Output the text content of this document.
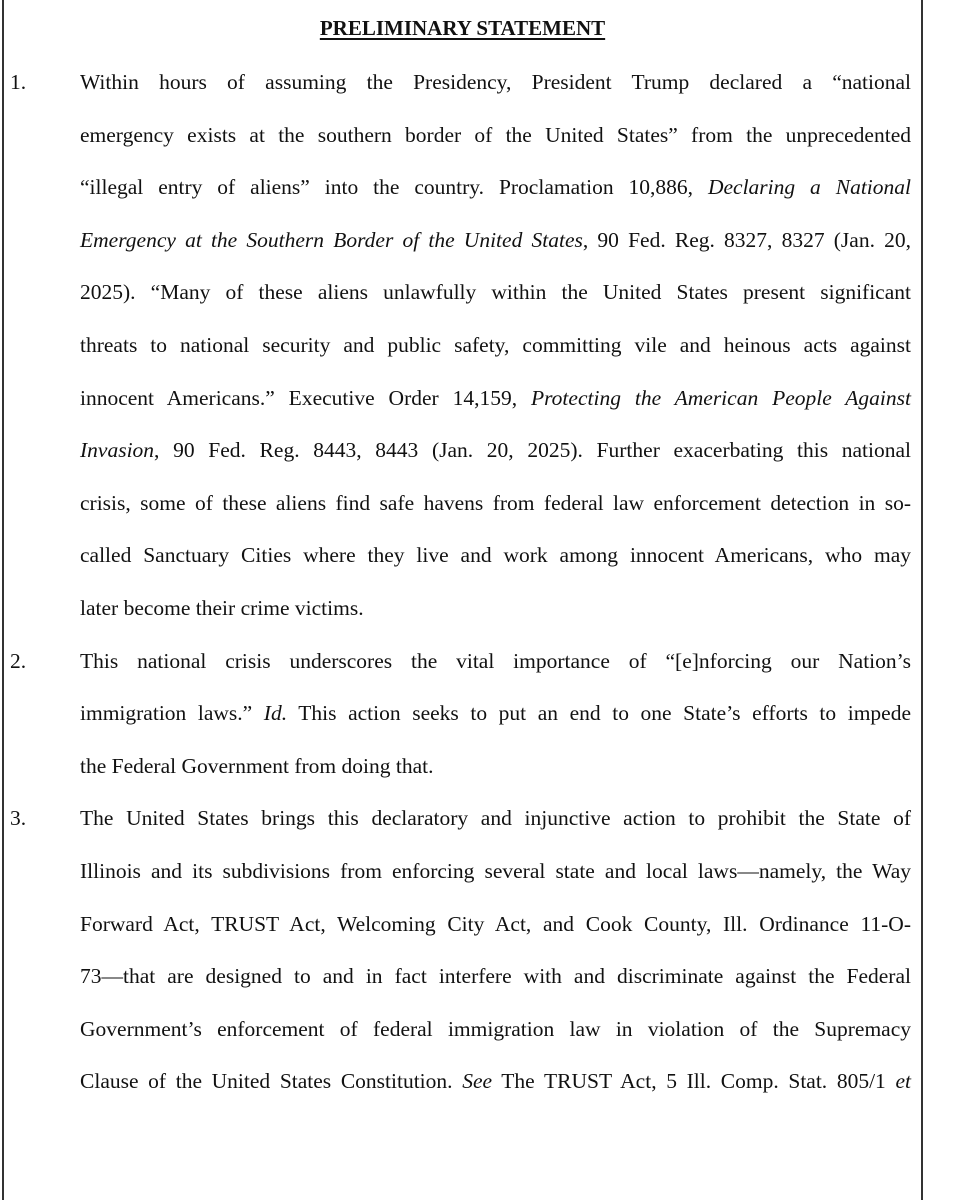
PRELIMINARY STATEMENT
1.	Within hours of assuming the Presidency, President Trump declared a “national
emergency exists at the southern border of the United States” from the unprecedented
“illegal entry of aliens” into the country. Proclamation 10,886, Declaring a National
Emergency at the Southern Border of the United States, 90 Fed. Reg. 8327, 8327 (Jan. 20,
2025). “Many of these aliens unlawfully within the United States present significant
threats to national security and public safety, committing vile and heinous acts against
innocent Americans.” Executive Order 14,159, Protecting the American People Against
Invasion, 90 Fed. Reg. 8443, 8443 (Jan. 20, 2025). Further exacerbating this national
crisis, some of these aliens find safe havens from federal law enforcement detection in so-
called Sanctuary Cities where they live and work among innocent Americans, who may
later become their crime victims.
2.	This national crisis underscores the vital importance of “[e]nforcing our Nation’s
immigration laws.” Id. This action seeks to put an end to one State’s efforts to impede
the Federal Government from doing that.
3.	The United States brings this declaratory and injunctive action to prohibit the State of
Illinois and its subdivisions from enforcing several state and local laws—namely, the Way
Forward Act, TRUST Act, Welcoming City Act, and Cook County, Ill. Ordinance 11-O-
73—that are designed to and in fact interfere with and discriminate against the Federal
Government’s enforcement of federal immigration law in violation of the Supremacy
Clause of the United States Constitution. See The TRUST Act, 5 Ill. Comp. Stat. 805/1 et
